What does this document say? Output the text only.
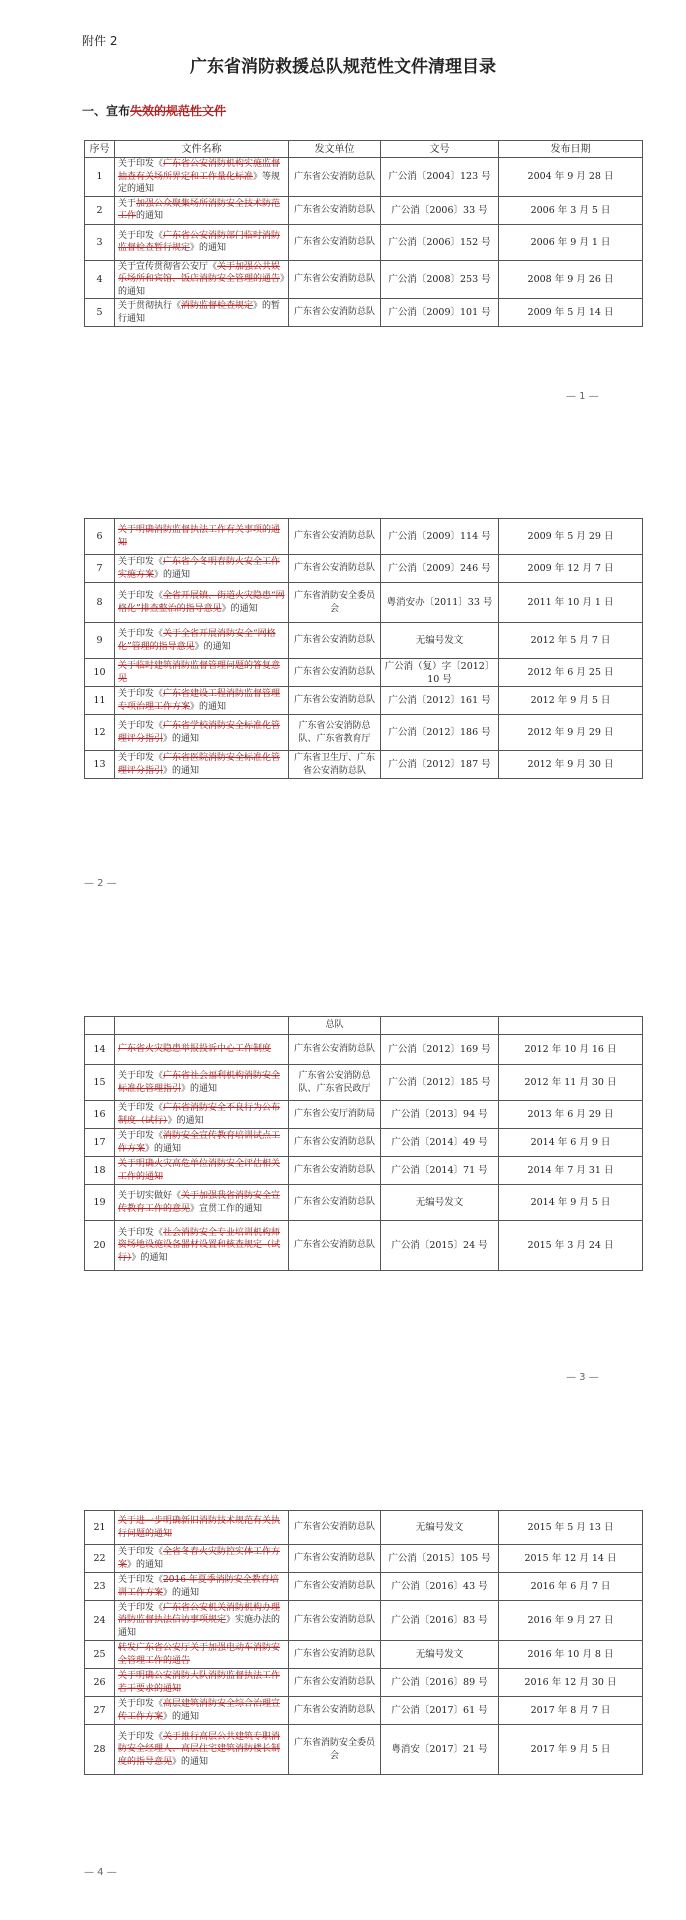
附件 2
广东省消防救援总队规范性文件清理目录
一、宣布失效的规范性文件
序号	文件名称	发文单位	文号	发布日期
1	关于印发《广东省公安消防机构实施监督抽查有关场所界定和工作量化标准》等规定的通知	广东省公安消防总队	广公消〔2004〕123 号	2004 年 9 月 28 日
2	关于加强公众聚集场所消防安全技术防范工作的通知	广东省公安消防总队	广公消〔2006〕33 号	2006 年 3 月 5 日
3	关于印发《广东省公安消防部门临时消防监督检查暂行规定》的通知	广东省公安消防总队	广公消〔2006〕152 号	2006 年 9 月 1 日
4	关于宣传贯彻省公安厅《关于加强公共娱乐场所和宾馆、饭店消防安全管理的通告》的通知	广东省公安消防总队	广公消〔2008〕253 号	2008 年 9 月 26 日
5	关于贯彻执行《消防监督检查规定》的暂行通知	广东省公安消防总队	广公消〔2009〕101 号	2009 年 5 月 14 日
— 1 —
6	关于明确消防监督执法工作有关事项的通知	广东省公安消防总队	广公消〔2009〕114 号	2009 年 5 月 29 日
7	关于印发《广东省今冬明春防火安全工作实施方案》的通知	广东省公安消防总队	广公消〔2009〕246 号	2009 年 12 月 7 日
8	关于印发《全省开展镇、街道火灾隐患“网格化”排查整治的指导意见》的通知	广东省消防安全委员会	粤消安办〔2011〕33 号	2011 年 10 月 1 日
9	关于印发《关于全省开展消防安全“网格化”管理的指导意见》的通知	广东省公安消防总队	无编号发文	2012 年 5 月 7 日
10	关于临时建筑消防监督管理问题的答复意见	广东省公安消防总队	广公消（复）字〔2012〕10 号	2012 年 6 月 25 日
11	关于印发《广东省建设工程消防监督管理专项治理工作方案》的通知	广东省公安消防总队	广公消〔2012〕161 号	2012 年 9 月 5 日
12	关于印发《广东省学校消防安全标准化管理评分指引》的通知	广东省公安消防总队、广东省教育厅	广公消〔2012〕186 号	2012 年 9 月 29 日
13	关于印发《广东省医院消防安全标准化管理评分指引》的通知	广东省卫生厅、广东省公安消防总队	广公消〔2012〕187 号	2012 年 9 月 30 日
— 2 —
		总队		
14	广东省火灾隐患举报投诉中心工作制度	广东省公安消防总队	广公消〔2012〕169 号	2012 年 10 月 16 日
15	关于印发《广东省社会福利机构消防安全标准化管理指引》的通知	广东省公安消防总队、广东省民政厅	广公消〔2012〕185 号	2012 年 11 月 30 日
16	关于印发《广东省消防安全不良行为公布制度（试行）》的通知	广东省公安厅消防局	广公消〔2013〕94 号	2013 年 6 月 29 日
17	关于印发《消防安全宣传教育培训试点工作方案》的通知	广东省公安消防总队	广公消〔2014〕49 号	2014 年 6 月 9 日
18	关于明确火灾高危单位消防安全评估相关工作的通知	广东省公安消防总队	广公消〔2014〕71 号	2014 年 7 月 31 日
19	关于切实做好《关于加强我省消防安全宣传教育工作的意见》宣贯工作的通知	广东省公安消防总队	无编号发文	2014 年 9 月 5 日
20	关于印发《社会消防安全专业培训机构师资场地设施设备器材设置和核查规定（试行）》的通知	广东省公安消防总队	广公消〔2015〕24 号	2015 年 3 月 24 日
— 3 —
21	关于进一步明确新旧消防技术规范有关执行问题的通知	广东省公安消防总队	无编号发文	2015 年 5 月 13 日
22	关于印发《全省冬春火灾防控实体工作方案》的通知	广东省公安消防总队	广公消〔2015〕105 号	2015 年 12 月 14 日
23	关于印发《2016 年夏季消防安全教育培训工作方案》的通知	广东省公安消防总队	广公消〔2016〕43 号	2016 年 6 月 7 日
24	关于印发《广东省公安机关消防机构办理消防监督执法信访事项规定》实施办法的通知	广东省公安消防总队	广公消〔2016〕83 号	2016 年 9 月 27 日
25	转发广东省公安厅关于加强电动车消防安全管理工作的通告	广东省公安消防总队	无编号发文	2016 年 10 月 8 日
26	关于明确公安消防大队消防监督执法工作若干要求的通知	广东省公安消防总队	广公消〔2016〕89 号	2016 年 12 月 30 日
27	关于印发《高层建筑消防安全综合治理宣传工作方案》的通知	广东省公安消防总队	广公消〔2017〕61 号	2017 年 8 月 7 日
28	关于印发《关于推行高层公共建筑专职消防安全经理人、高层住宅建筑消防楼长制度的指导意见》的通知	广东省消防安全委员会	粤消安〔2017〕21 号	2017 年 9 月 5 日
— 4 —
